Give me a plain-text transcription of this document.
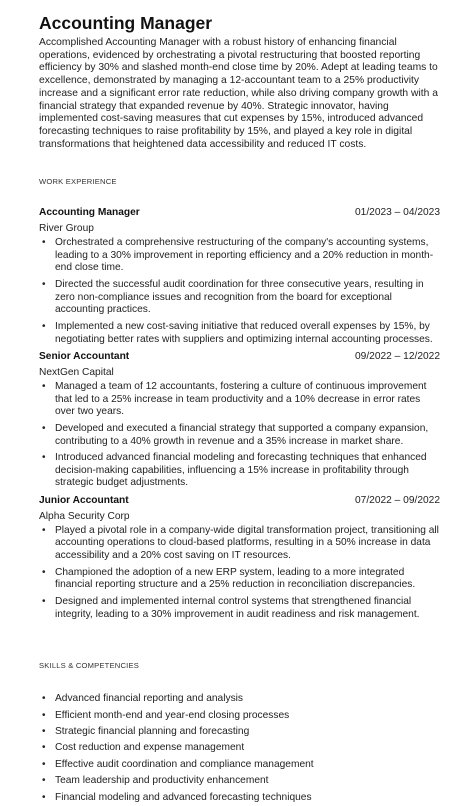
Accounting Manager

Accomplished Accounting Manager with a robust history of enhancing financial operations, evidenced by orchestrating a pivotal restructuring that boosted reporting efficiency by 30% and slashed month-end close time by 20%. Adept at leading teams to excellence, demonstrated by managing a 12-accountant team to a 25% productivity increase and a significant error rate reduction, while also driving company growth with a financial strategy that expanded revenue by 40%. Strategic innovator, having implemented cost-saving measures that cut expenses by 15%, introduced advanced forecasting techniques to raise profitability by 15%, and played a key role in digital transformations that heightened data accessibility and reduced IT costs.

WORK EXPERIENCE
Accounting Manager	01/2023 – 04/2023
River Group
• Orchestrated a comprehensive restructuring of the company's accounting systems, leading to a 30% improvement in reporting efficiency and a 20% reduction in month-end close time.
• Directed the successful audit coordination for three consecutive years, resulting in zero non-compliance issues and recognition from the board for exceptional accounting practices.
• Implemented a new cost-saving initiative that reduced overall expenses by 15%, by negotiating better rates with suppliers and optimizing internal accounting processes.
Senior Accountant	09/2022 – 12/2022
NextGen Capital
• Managed a team of 12 accountants, fostering a culture of continuous improvement that led to a 25% increase in team productivity and a 10% decrease in error rates over two years.
• Developed and executed a financial strategy that supported a company expansion, contributing to a 40% growth in revenue and a 35% increase in market share.
• Introduced advanced financial modeling and forecasting techniques that enhanced decision-making capabilities, influencing a 15% increase in profitability through strategic budget adjustments.
Junior Accountant	07/2022 – 09/2022
Alpha Security Corp
• Played a pivotal role in a company-wide digital transformation project, transitioning all accounting operations to cloud-based platforms, resulting in a 50% increase in data accessibility and a 20% cost saving on IT resources.
• Championed the adoption of a new ERP system, leading to a more integrated financial reporting structure and a 25% reduction in reconciliation discrepancies.
• Designed and implemented internal control systems that strengthened financial integrity, leading to a 30% improvement in audit readiness and risk management.
SKILLS & COMPETENCIES
• Advanced financial reporting and analysis
• Efficient month-end and year-end closing processes
• Strategic financial planning and forecasting
• Cost reduction and expense management
• Effective audit coordination and compliance management
• Team leadership and productivity enhancement
• Financial modeling and advanced forecasting techniques
